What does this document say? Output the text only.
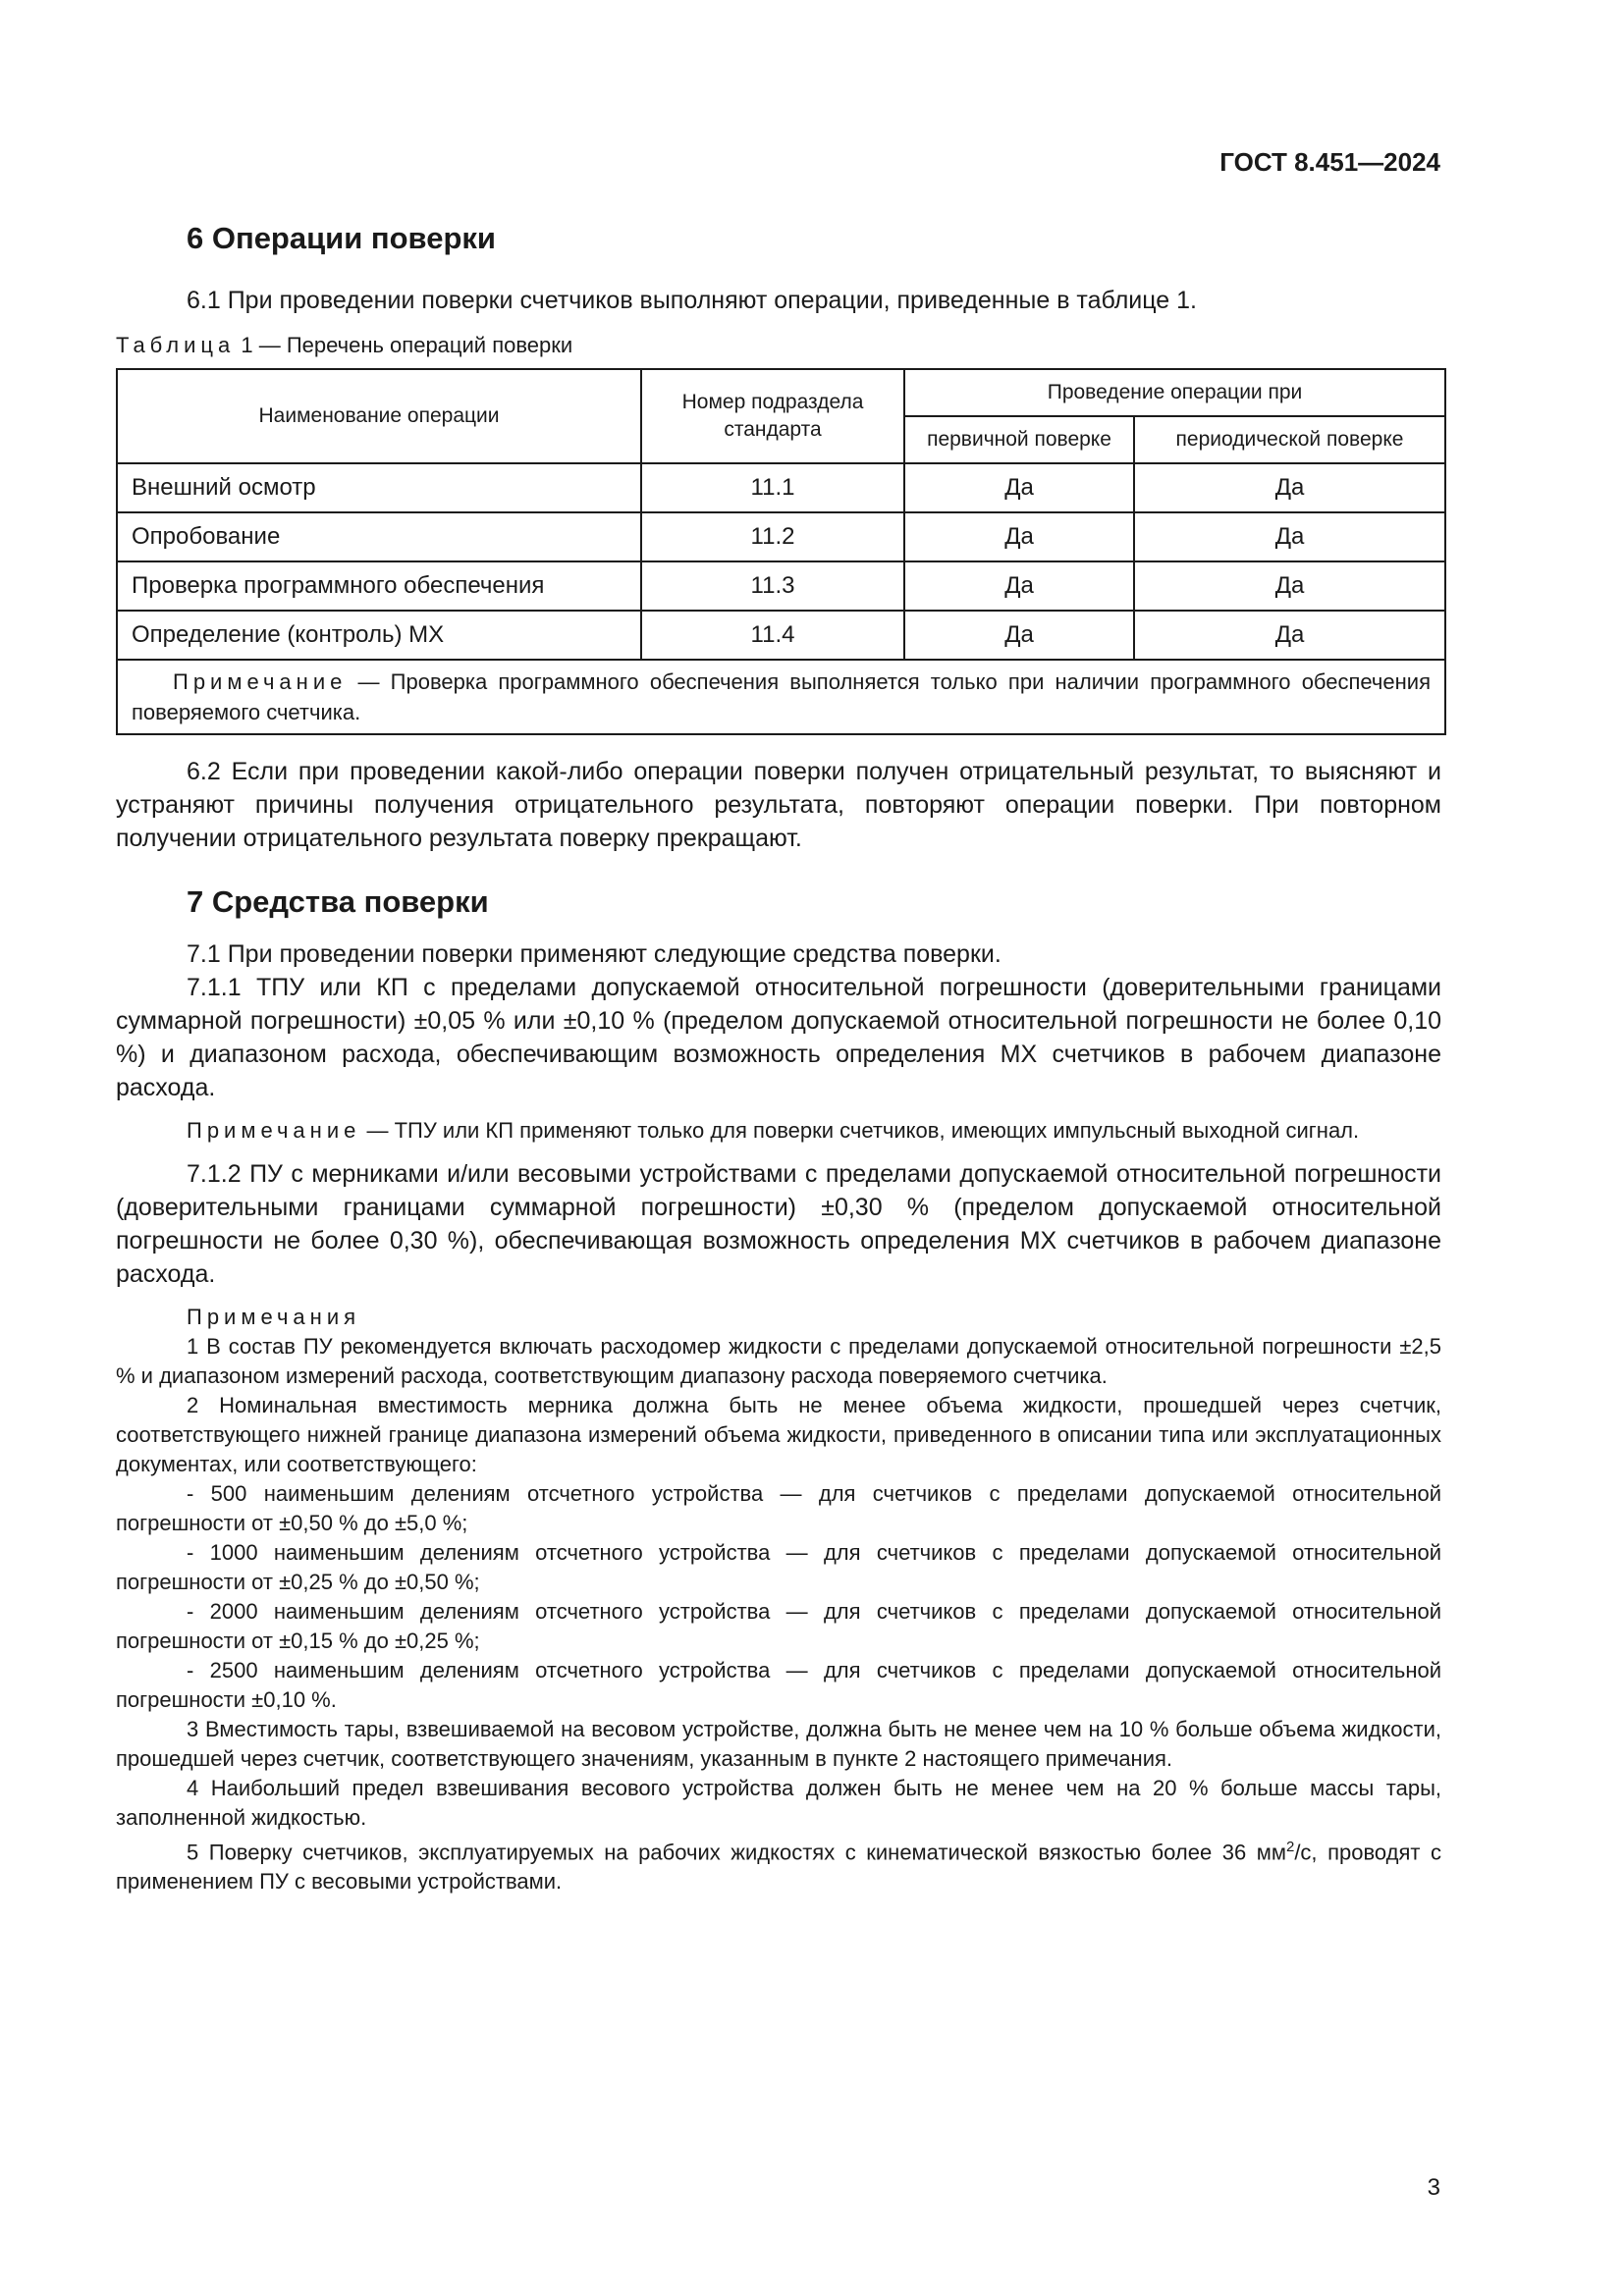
ГОСТ 8.451—2024
6 Операции поверки

6.1 При проведении поверки счетчиков выполняют операции, приведенные в таблице 1.

Таблица 1 — Перечень операций поверки

Наименование операции	Номер подраздела стандарта	Проведение операции при	
		первичной поверке	периодической поверке
Внешний осмотр	11.1	Да	Да
Опробование	11.2	Да	Да
Проверка программного обеспечения	11.3	Да	Да
Определение (контроль) МХ	11.4	Да	Да
Примечание — Проверка программного обеспечения выполняется только при наличии программного обеспечения поверяемого счетчика.			

6.2 Если при проведении какой-либо операции поверки получен отрицательный результат, то выясняют и устраняют причины получения отрицательного результата, повторяют операции поверки. При повторном получении отрицательного результата поверку прекращают.

7 Средства поверки

7.1 При проведении поверки применяют следующие средства поверки.

7.1.1 ТПУ или КП с пределами допускаемой относительной погрешности (доверительными границами суммарной погрешности) ±0,05 % или ±0,10 % (пределом допускаемой относительной погрешности не более 0,10 %) и диапазоном расхода, обеспечивающим возможность определения МХ счетчиков в рабочем диапазоне расхода.

Примечание — ТПУ или КП применяют только для поверки счетчиков, имеющих импульсный выходной сигнал.

7.1.2 ПУ с мерниками и/или весовыми устройствами с пределами допускаемой относительной погрешности (доверительными границами суммарной погрешности) ±0,30 % (пределом допускаемой относительной погрешности не более 0,30 %), обеспечивающая возможность определения МХ счетчиков в рабочем диапазоне расхода.

Примечания

1 В состав ПУ рекомендуется включать расходомер жидкости с пределами допускаемой относительной погрешности ±2,5 % и диапазоном измерений расхода, соответствующим диапазону расхода поверяемого счетчика.

2 Номинальная вместимость мерника должна быть не менее объема жидкости, прошедшей через счетчик, соответствующего нижней границе диапазона измерений объема жидкости, приведенного в описании типа или эксплуатационных документах, или соответствующего:

- 500 наименьшим делениям отсчетного устройства — для счетчиков с пределами допускаемой относительной погрешности от ±0,50 % до ±5,0 %;

- 1000 наименьшим делениям отсчетного устройства — для счетчиков с пределами допускаемой относительной погрешности от ±0,25 % до ±0,50 %;

- 2000 наименьшим делениям отсчетного устройства — для счетчиков с пределами допускаемой относительной погрешности от ±0,15 % до ±0,25 %;

- 2500 наименьшим делениям отсчетного устройства — для счетчиков с пределами допускаемой относительной погрешности ±0,10 %.

3 Вместимость тары, взвешиваемой на весовом устройстве, должна быть не менее чем на 10 % больше объема жидкости, прошедшей через счетчик, соответствующего значениям, указанным в пункте 2 настоящего примечания.

4 Наибольший предел взвешивания весового устройства должен быть не менее чем на 20 % больше массы тары, заполненной жидкостью.

5 Поверку счетчиков, эксплуатируемых на рабочих жидкостях с кинематической вязкостью более 36 $мм^2/с$, проводят с применением ПУ с весовыми устройствами.

3
